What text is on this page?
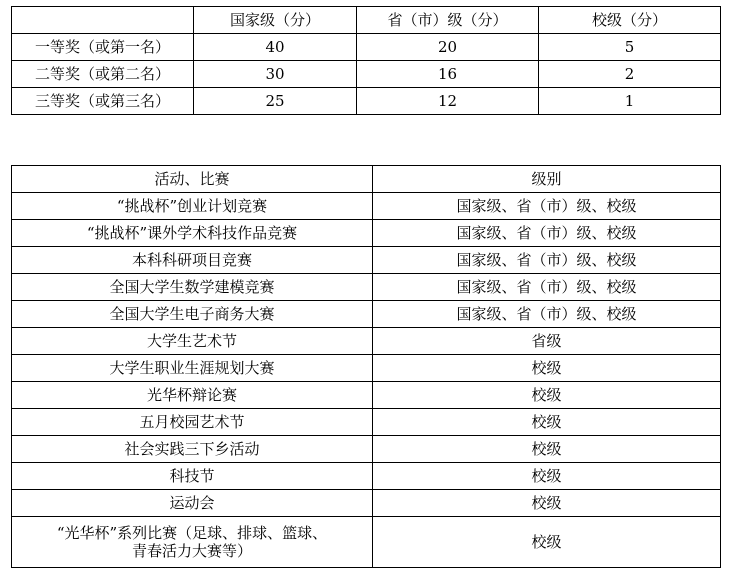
	国家级（分）	省（市）级（分）	校级（分）
一等奖（或第一名）	40	20	5
二等奖（或第二名）	30	16	2
三等奖（或第三名）	25	12	1
活动、比赛	级别
“挑战杯”创业计划竞赛	国家级、省（市）级、校级
“挑战杯”课外学术科技作品竞赛	国家级、省（市）级、校级
本科科研项目竞赛	国家级、省（市）级、校级
全国大学生数学建模竞赛	国家级、省（市）级、校级
全国大学生电子商务大赛	国家级、省（市）级、校级
大学生艺术节	省级
大学生职业生涯规划大赛	校级
光华杯辩论赛	校级
五月校园艺术节	校级
社会实践三下乡活动	校级
科技节	校级
运动会	校级

“光华杯”系列比赛（足球、排球、篮球、
青春活力大赛等）	校级
